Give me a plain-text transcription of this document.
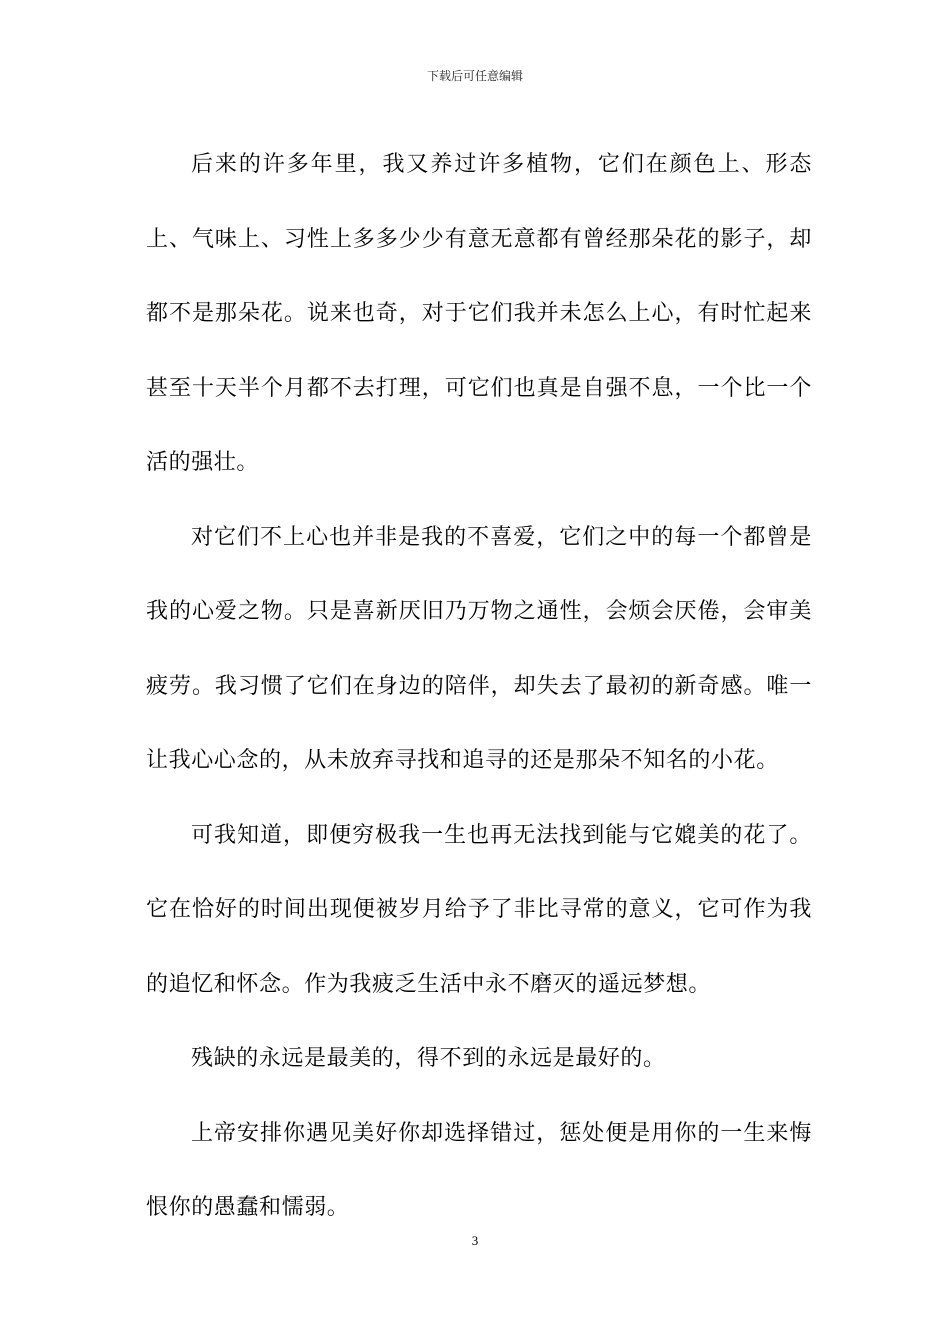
下载后可任意编辑

后来的许多年里，我又养过许多植物，它们在颜色上、形态上、气味上、习性上多多少少有意无意都有曾经那朵花的影子，却都不是那朵花。说来也奇，对于它们我并未怎么上心，有时忙起来甚至十天半个月都不去打理，可它们也真是自强不息，一个比一个活的强壮。

对它们不上心也并非是我的不喜爱，它们之中的每一个都曾是我的心爱之物。只是喜新厌旧乃万物之通性，会烦会厌倦，会审美疲劳。我习惯了它们在身边的陪伴，却失去了最初的新奇感。唯一让我心心念的，从未放弃寻找和追寻的还是那朵不知名的小花。

可我知道，即便穷极我一生也再无法找到能与它媲美的花了。它在恰好的时间出现便被岁月给予了非比寻常的意义，它可作为我的追忆和怀念。作为我疲乏生活中永不磨灭的遥远梦想。

残缺的永远是最美的，得不到的永远是最好的。

上帝安排你遇见美好你却选择错过，惩处便是用你的一生来悔恨你的愚蠢和懦弱。

3
